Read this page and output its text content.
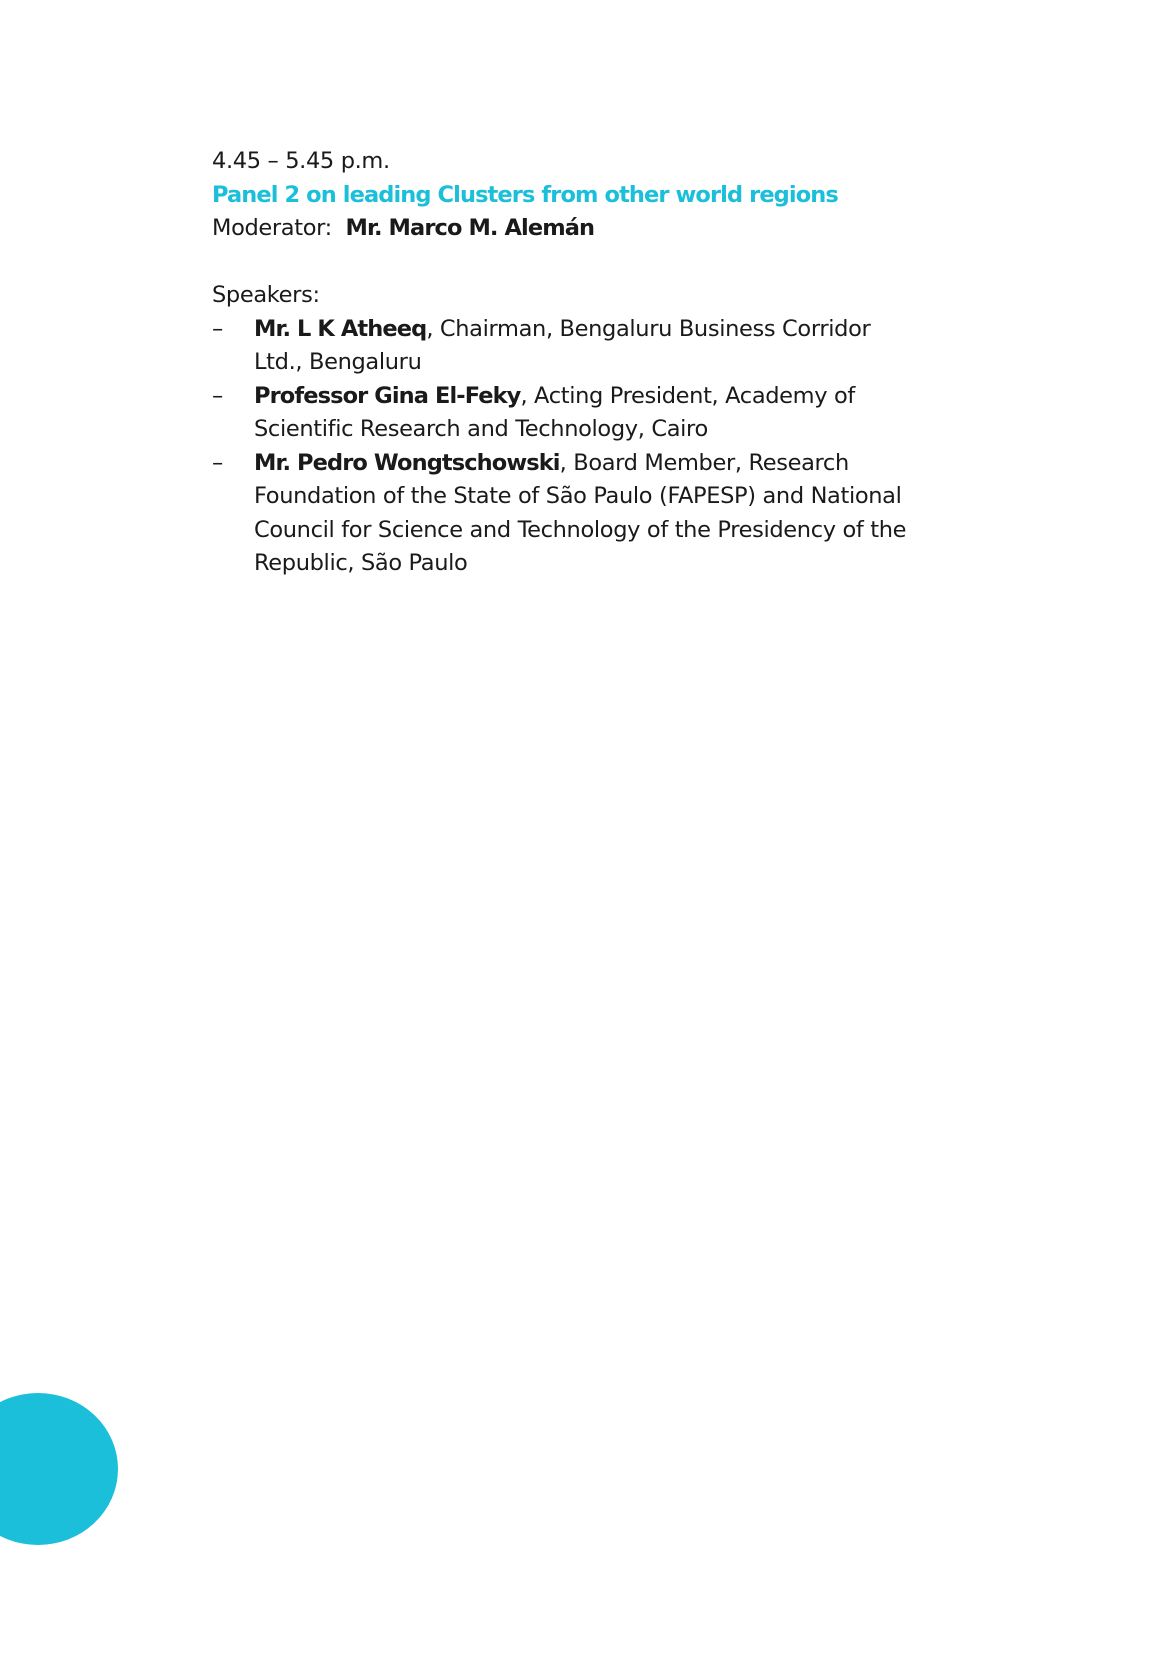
4.45 – 5.45 p.m.
Panel 2 on leading Clusters from other world regions
Moderator: Mr. Marco M. Alemán
Speakers:
– Mr. L K Atheeq, Chairman, Bengaluru Business Corridor
Ltd., Bengaluru
– Professor Gina El-Feky, Acting President, Academy of
Scientific Research and Technology, Cairo
– Mr. Pedro Wongtschowski, Board Member, Research
Foundation of the State of São Paulo (FAPESP) and National
Council for Science and Technology of the Presidency of the
Republic, São Paulo
